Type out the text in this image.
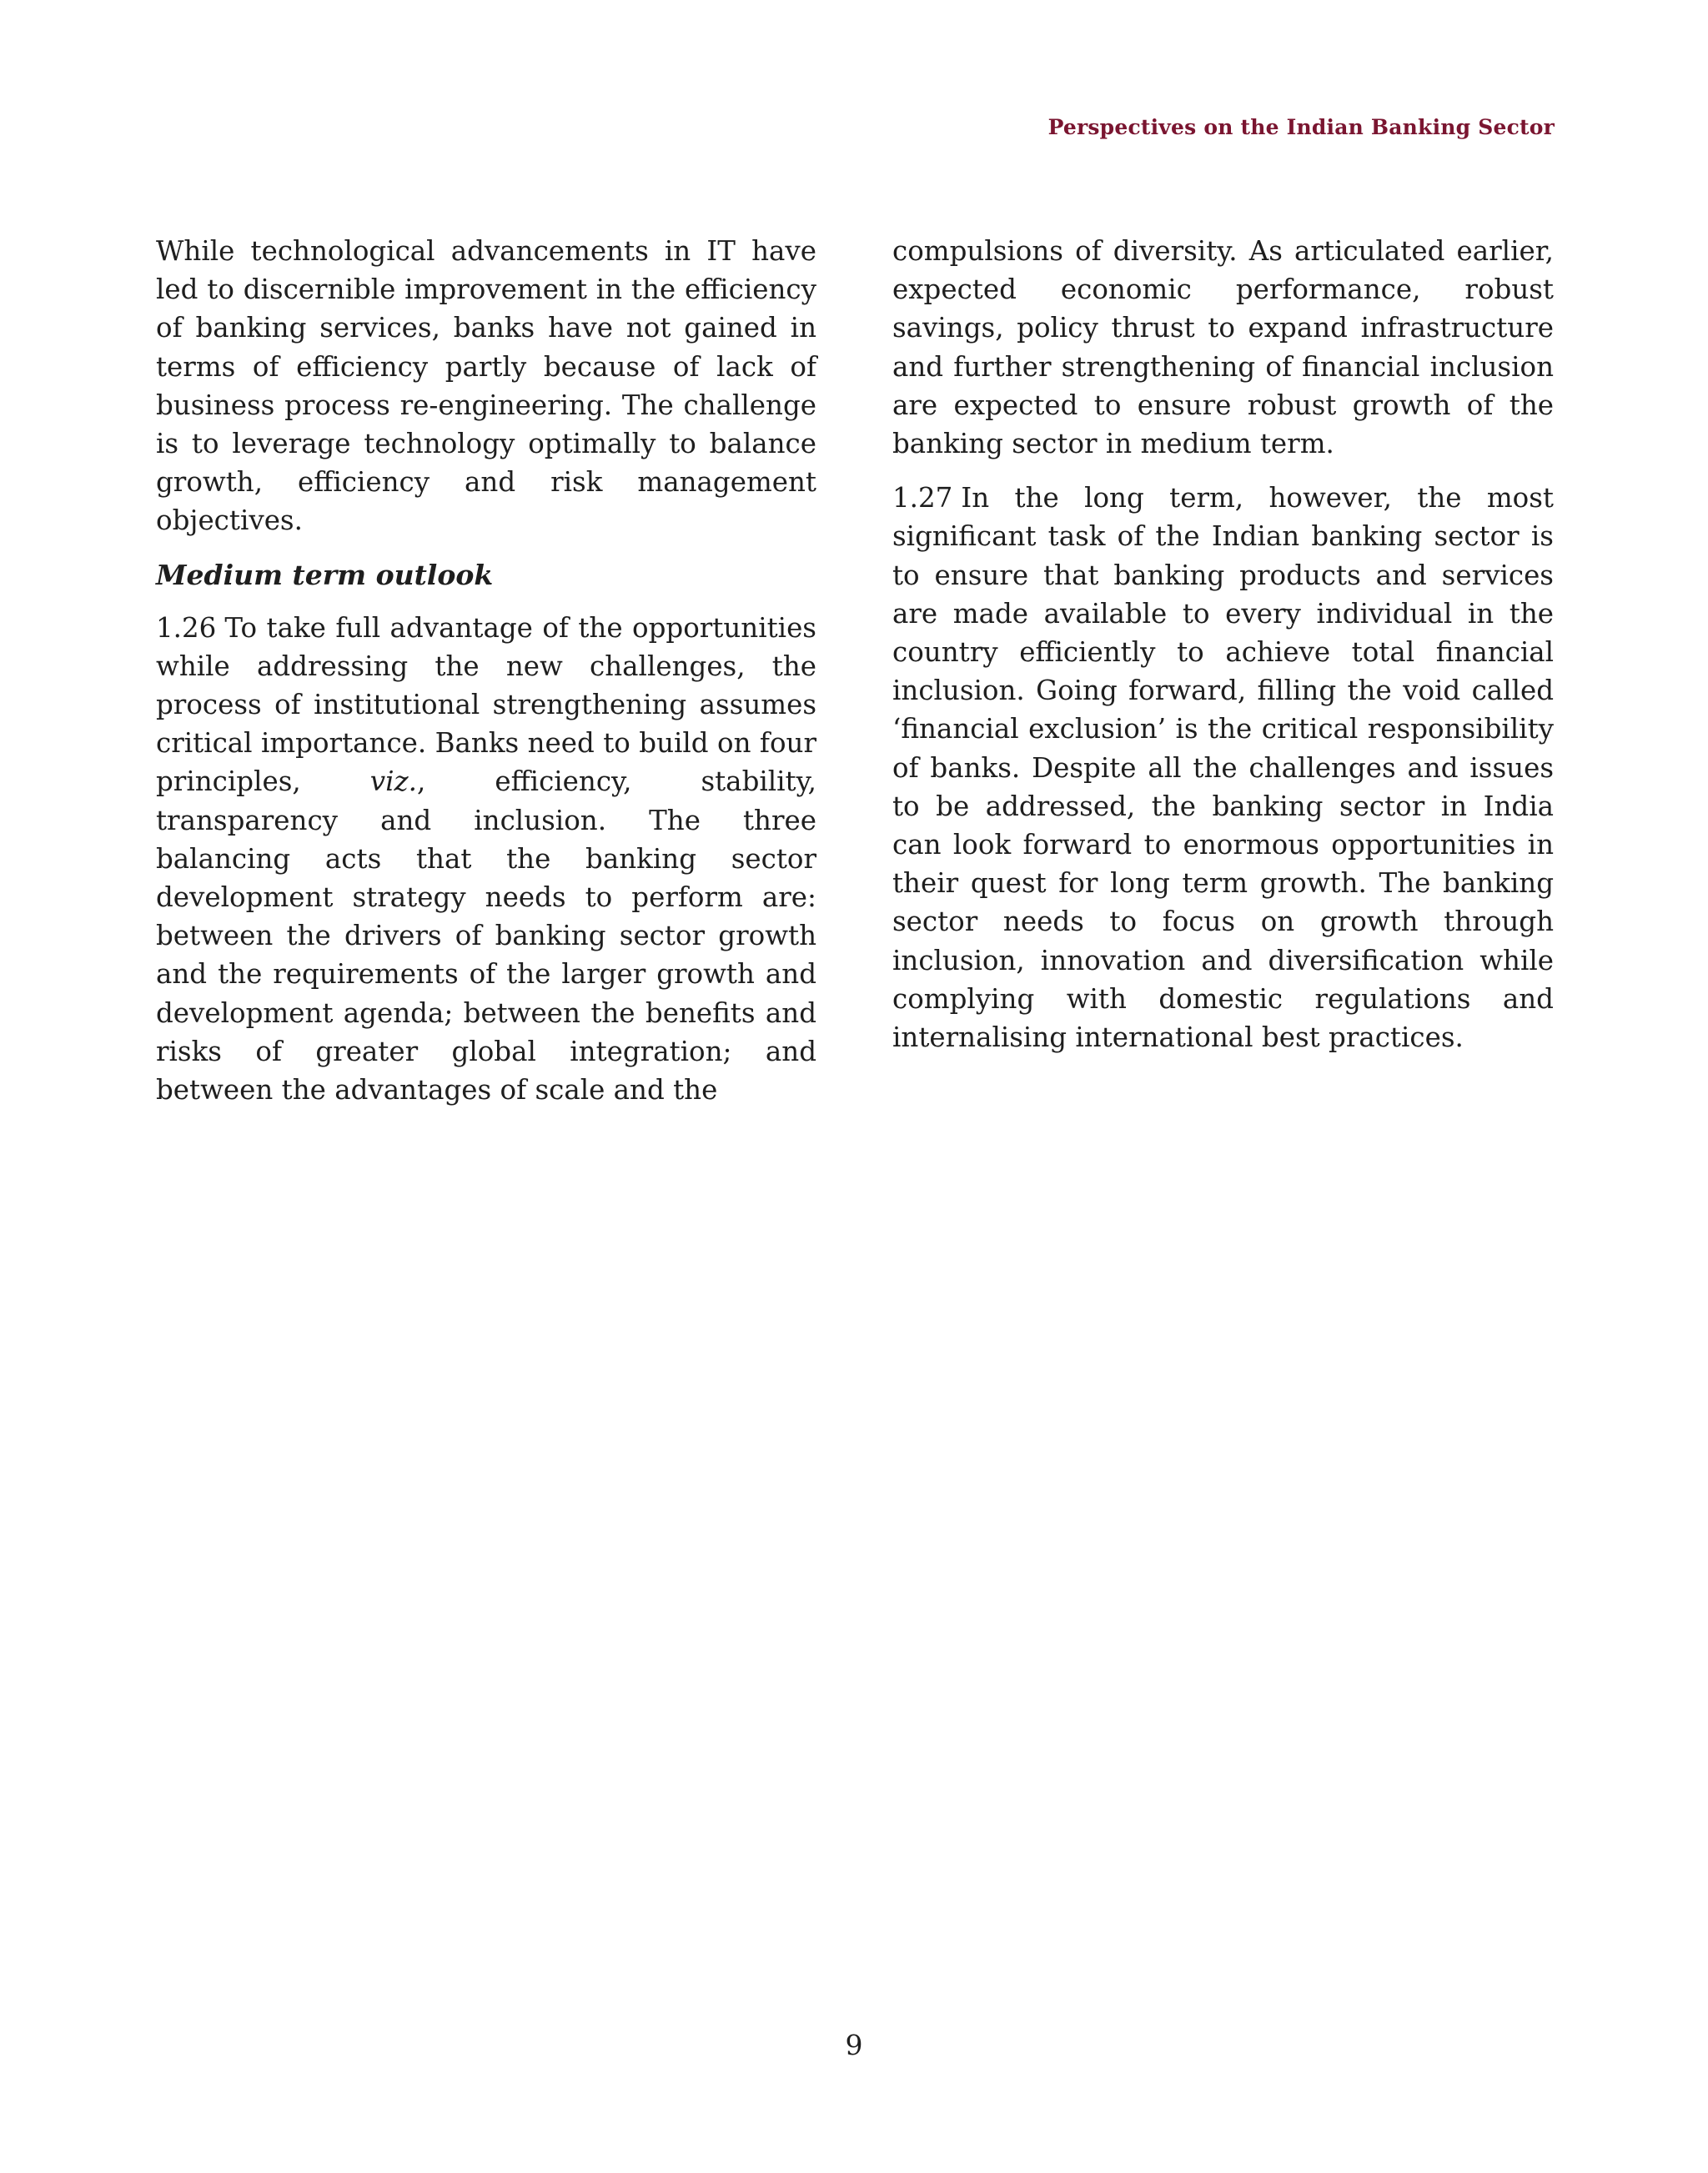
Perspectives on the Indian Banking Sector

While technological advancements in IT have led to discernible improvement in the efficiency of banking services, banks have not gained in terms of efficiency partly because of lack of business process re-engineering. The challenge is to leverage technology optimally to balance growth, efficiency and risk management objectives.

Medium term outlook

1.26 To take full advantage of the opportunities while addressing the new challenges, the process of institutional strengthening assumes critical importance. Banks need to build on four principles,	viz., efficiency, stability, transparency and inclusion. The three balancing acts that the banking sector development strategy needs to perform are: between the drivers of banking sector growth and the requirements of the larger growth and development agenda; between the benefits and risks of greater global integration; and between the advantages of scale and the

compulsions of diversity. As articulated earlier, expected economic performance, robust savings, policy thrust to expand infrastructure and further strengthening of financial inclusion are expected to ensure robust growth of the banking sector in medium term.

1.27 In the long term, however, the most significant task of the Indian banking sector is to ensure that banking products and services are made available to every individual in the country efficiently to achieve total financial inclusion. Going forward, filling the void called ‘financial exclusion’ is the critical responsibility of banks. Despite all the challenges and issues to be addressed, the banking sector in India can look forward to enormous opportunities in their quest for long term growth. The banking sector needs to focus on growth through inclusion, innovation and diversification while complying with domestic regulations and internalising international best practices.

9
